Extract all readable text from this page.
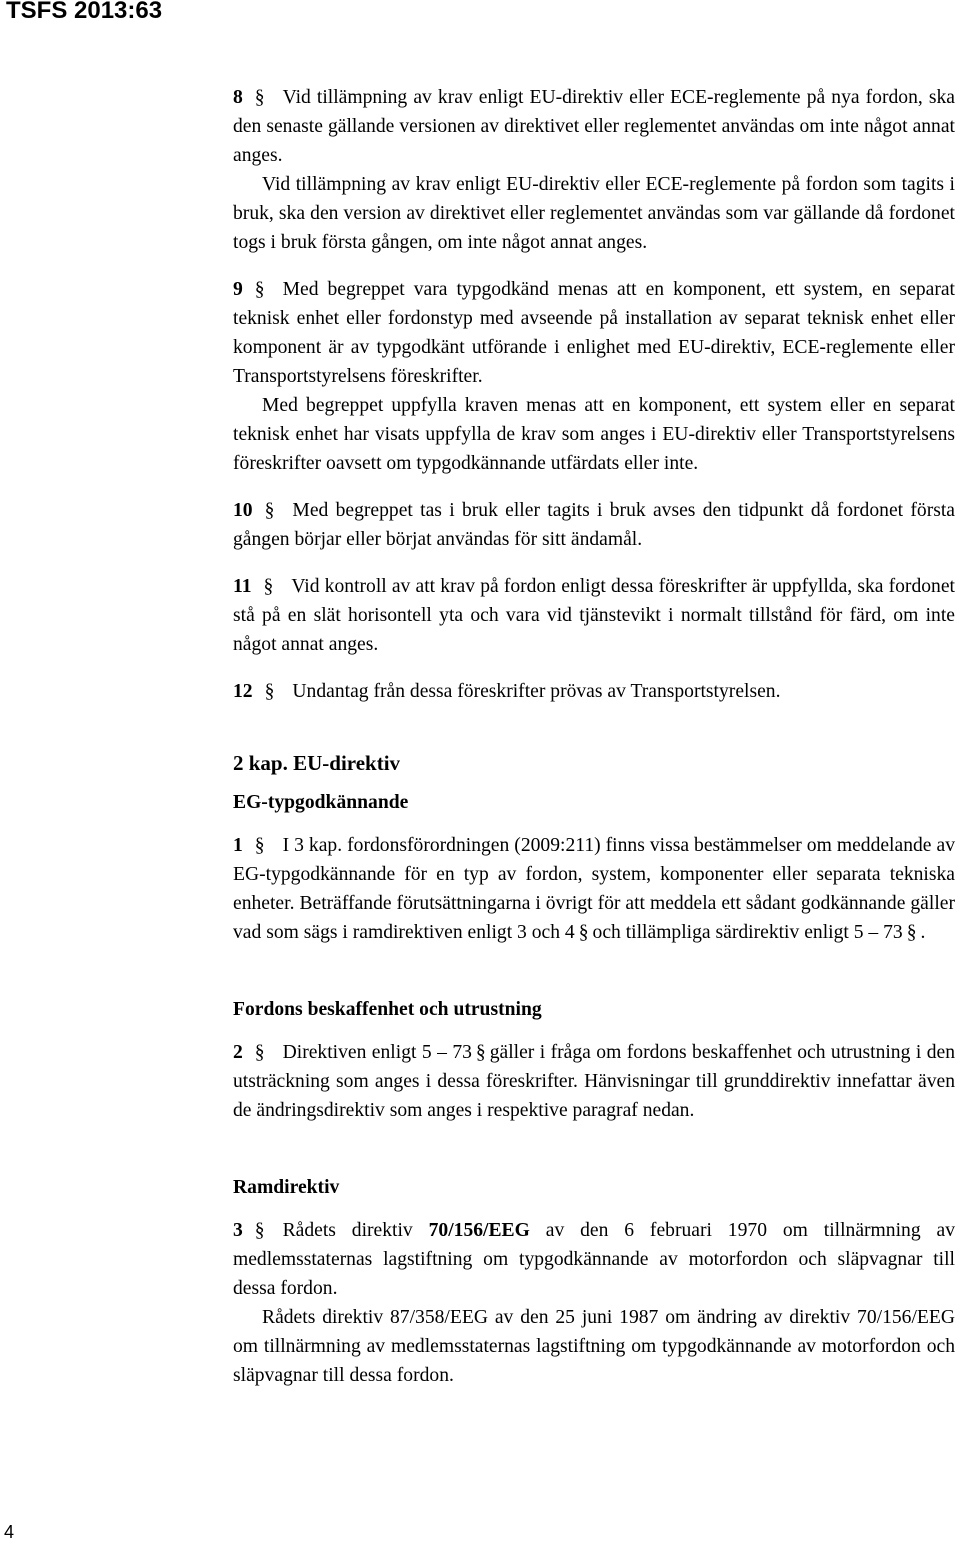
TSFS 2013:63

8 § Vid tillämpning av krav enligt EU-direktiv eller ECE-reglemente på nya fordon, ska den senaste gällande versionen av direktivet eller reglementet användas om inte något annat anges.

Vid tillämpning av krav enligt EU-direktiv eller ECE-reglemente på fordon som tagits i bruk, ska den version av direktivet eller reglementet användas som var gällande då fordonet togs i bruk första gången, om inte något annat anges.

9 § Med begreppet vara typgodkänd menas att en komponent, ett system, en separat teknisk enhet eller fordonstyp med avseende på installation av separat teknisk enhet eller komponent är av typgodkänt utförande i enlighet med EU-direktiv, ECE-reglemente eller Transportstyrelsens föreskrifter.

Med begreppet uppfylla kraven menas att en komponent, ett system eller en separat teknisk enhet har visats uppfylla de krav som anges i EU-direktiv eller Transportstyrelsens föreskrifter oavsett om typgodkännande utfärdats eller inte.

10 § Med begreppet tas i bruk eller tagits i bruk avses den tidpunkt då fordonet första gången börjar eller börjat användas för sitt ändamål.

11 § Vid kontroll av att krav på fordon enligt dessa föreskrifter är uppfyllda, ska fordonet stå på en slät horisontell yta och vara vid tjänstevikt i normalt tillstånd för färd, om inte något annat anges.

12 § Undantag från dessa föreskrifter prövas av Transportstyrelsen.

2 kap. EU-direktiv
EG-typgodkännande

1 § I 3 kap. fordonsförordningen (2009:211) finns vissa bestämmelser om meddelande av EG-typgodkännande för en typ av fordon, system, komponenter eller separata tekniska enheter. Beträffande förutsättningarna i övrigt för att meddela ett sådant godkännande gäller vad som sägs i ramdirektiven enligt 3 och 4 § och tillämpliga särdirektiv enligt 5 – 73 § .

Fordons beskaffenhet och utrustning

2 § Direktiven enligt 5 – 73 § gäller i fråga om fordons beskaffenhet och utrustning i den utsträckning som anges i dessa föreskrifter. Hänvisningar till grunddirektiv innefattar även de ändringsdirektiv som anges i respektive paragraf nedan.

Ramdirektiv

3 § Rådets direktiv 70/156/EEG av den 6 februari 1970 om tillnärmning av medlemsstaternas lagstiftning om typgodkännande av motorfordon och släpvagnar till dessa fordon.

Rådets direktiv 87/358/EEG av den 25 juni 1987 om ändring av direktiv 70/156/EEG om tillnärmning av medlemsstaternas lagstiftning om typgodkännande av motorfordon och släpvagnar till dessa fordon.

4
